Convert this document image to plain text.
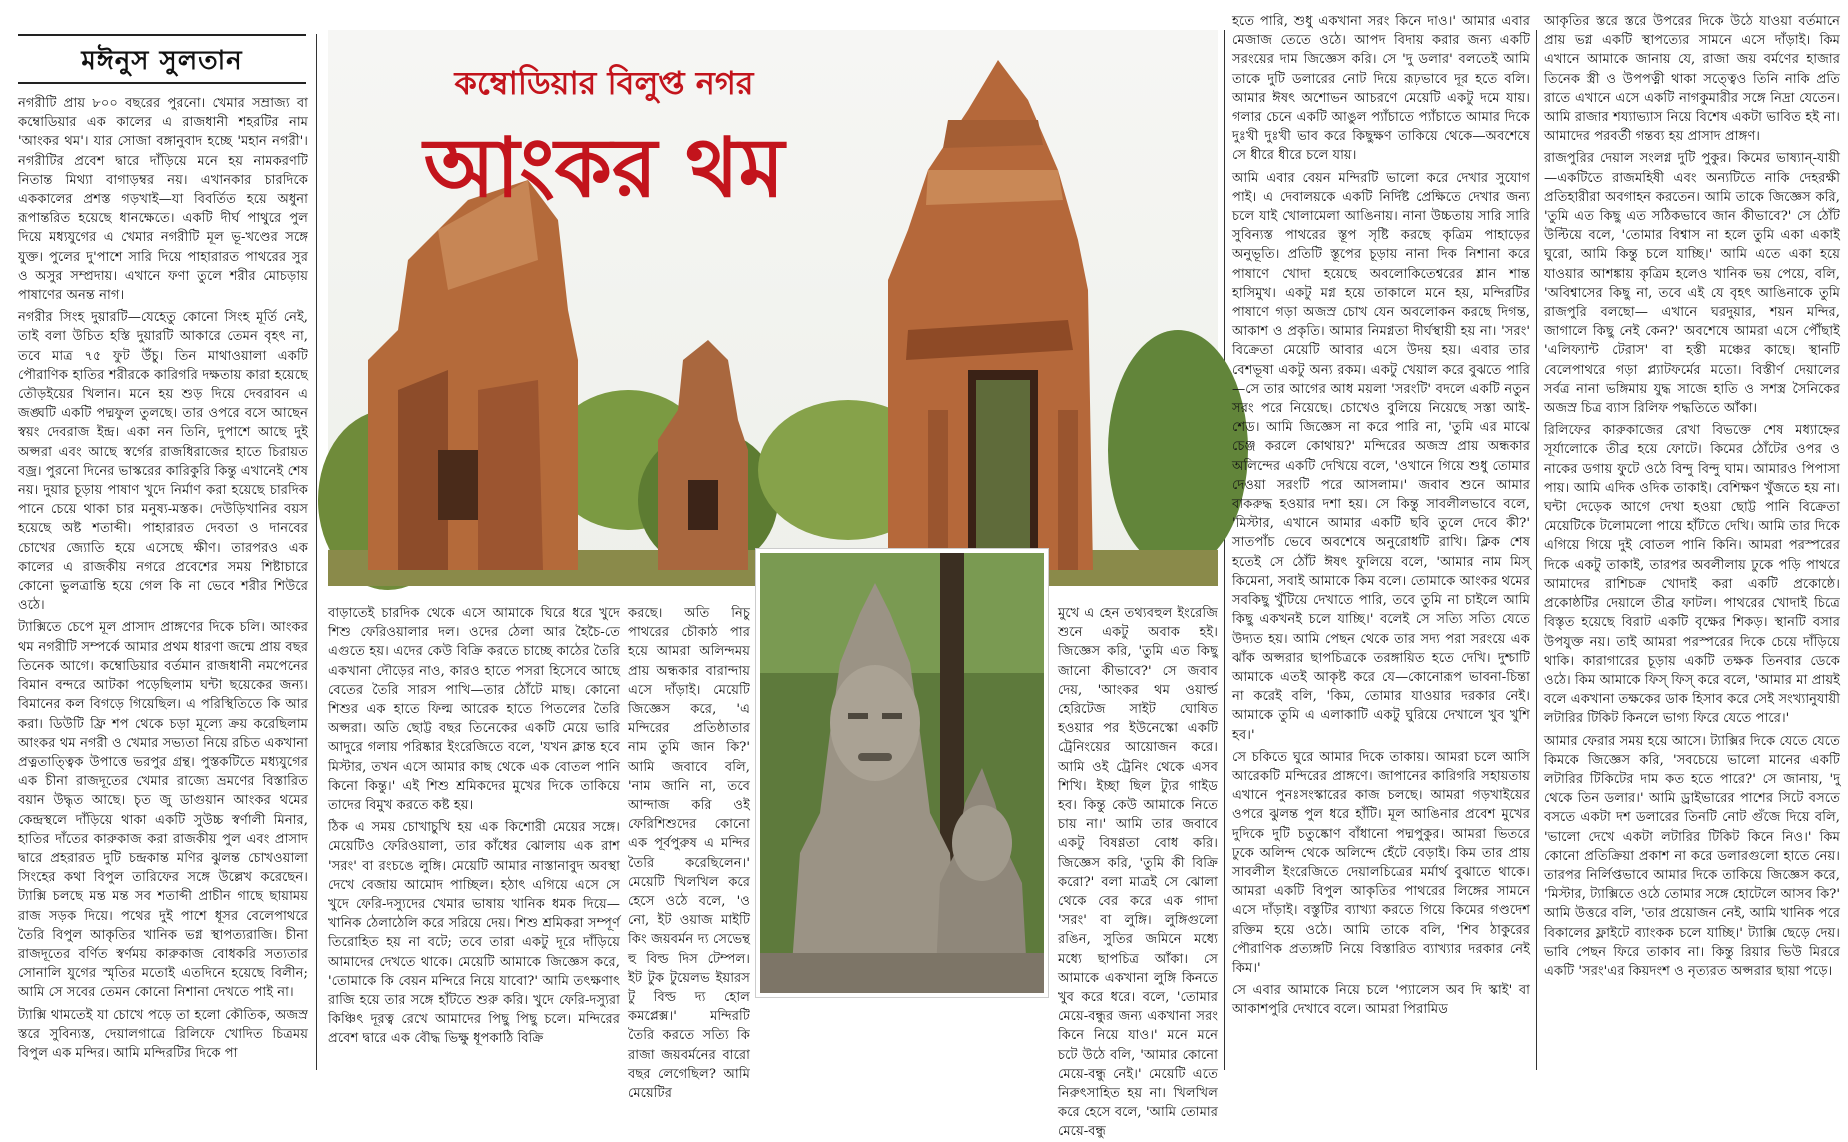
মঈনুস সুলতান

নগরীটি প্রায় ৮০০ বছরের পুরনো। খেমার সম্রাজ্য বা কম্বোডিয়ার এক কালের এ রাজধানী শহরটির নাম 'আংকর থম'। যার সোজা বঙ্গানুবাদ হচ্ছে 'মহান নগরী'। নগরীটির প্রবেশ দ্বারে দাঁড়িয়ে মনে হয় নামকরণটি নিতান্ত মিথ্যা বাগাড়ম্বর নয়। এখানকার চারদিকে এককালের প্রশস্ত গড়খাই—যা বিবর্তিত হয়ে অধুনা রূপান্তরিত হয়েছে ধানক্ষেতে। একটি দীর্ঘ পাথুরে পুল দিয়ে মধ্যযুগের এ খেমার নগরীটি মূল ভূ-খণ্ডের সঙ্গে যুক্ত। পুলের দু'পাশে সারি দিয়ে পাহারারত পাথরের সুর ও অসুর সম্প্রদায়। এখানে ফণা তুলে শরীর মোচড়ায় পাষাণের অনন্ত নাগ।

নগরীর সিংহ দুয়ারটি—যেহেতু কোনো সিংহ মূর্তি নেই, তাই বলা উচিত হস্তি দুয়ারটি আকারে তেমন বৃহৎ না, তবে মাত্র ৭৫ ফুট উঁচু। তিন মাথাওয়ালা একটি পৌরাণিক হাতির শরীরকে কারিগরি দক্ষতায় কারা হয়েছে তৌড়ইয়ের খিলান। মনে হয় শুড় দিয়ে দেবরাবন এ জঙ্ঘটি একটি পদ্মফুল তুলছে। তার ওপরে বসে আছেন স্বয়ং দেবরাজ ইন্দ্র। একা নন তিনি, দুপাশে আছে দুই অপ্সরা এবং আছে স্বর্গের রাজধিরাজের হাতে চিরায়ত বজ্র। পুরনো দিনের ভাস্করের কারিকুরি কিন্তু এখানেই শেষ নয়। দুয়ার চূড়ায় পাষাণ খুদে নির্মাণ করা হয়েছে চারদিক পানে চেয়ে থাকা চার মনুষ্য-মস্তক। দেউড়িখানির বয়স হয়েছে অষ্ট শতাব্দী। পাহারারত দেবতা ও দানবের চোখের জ্যোতি হয়ে এসেছে ক্ষীণ। তারপরও এক কালের এ রাজকীয় নগরে প্রবেশের সময় শিষ্টাচারে কোনো ভুলত্রান্তি হয়ে গেল কি না ভেবে শরীর শিউরে ওঠে।

ট্যাক্সিতে চেপে মূল প্রাসাদ প্রাঙ্গণের দিকে চলি। আংকর থম নগরীটি সম্পর্কে আমার প্রথম ধারণা জন্মে প্রায় বছর তিনেক আগে। কম্বোডিয়ার বর্তমান রাজধানী নমপেনের বিমান বন্দরে আটকা পড়েছিলাম ঘন্টা ছয়েকের জন্য। বিমানের কল বিগড়ে গিয়েছিল। এ পরিস্থিতিতে কি আর করা। ডিউটি ফ্রি শপ থেকে চড়া মূল্যে ক্রয় করেছিলাম আংকর থম নগরী ও খেমার সভ্যতা নিয়ে রচিত একখানা প্রত্নতাত্ত্বিক উপাত্তে ভরপুর গ্রন্থ। পুস্তকটিতে মধ্যযুগের এক চীনা রাজদূতের খেমার রাজ্যে ভ্রমণের বিস্তারিত বয়ান উদ্ধৃত আছে। চৃত জু ডাগুয়ান আংকর থমের কেন্দ্রস্থলে দাঁড়িয়ে থাকা একটি সুউচ্চ স্বর্ণালী মিনার, হাতির দাঁতের কারুকাজ করা রাজকীয় পুল এবং প্রাসাদ দ্বারে প্রহরারত দুটি চন্দ্রকান্ত মণির ঝুলন্ত চোখওয়ালা সিংহের কথা বিপুল তারিফের সঙ্গে উল্লেখ করেছেন। ট্যাক্সি চলছে মন্ত মন্ত সব শতাব্দী প্রাচীন গাছে ছায়াময় রাজ সড়ক দিয়ে। পথের দুই পাশে ধূসর বেলেপাথরে তৈরি বিপুল আকৃতির খানিক ভগ্ন স্থাপত্যরাজি। চীনা রাজদূতের বর্ণিত স্বর্ণময় কারুকাজ বোধকরি সত্যতার সোনালি যুগের স্মৃতির মতোই এতদিনে হয়েছে বিলীন; আমি সে সবের তেমন কোনো নিশানা দেখতে পাই না।

ট্যাক্সি থামতেই যা চোখে পড়ে তা হলো কৌতিক, অজস্র স্তরে সুবিন্যস্ত, দেয়ালগাত্রে রিলিফে খোদিত চিত্রময় বিপুল এক মন্দির। আমি মন্দিরটির দিকে পা

কম্বোডিয়ার বিলুপ্ত নগর
আংকর থম

বাড়াতেই চারদিক থেকে এসে আমাকে ঘিরে ধরে খুদে শিশু ফেরিওয়ালার দল। ওদের ঠেলা আর হৈচৈ-তে এগুতে হয়। এদের কেউ বিক্রি করতে চাচ্ছে কাঠের তৈরি একখানা দৌড়ের নাও, কারও হাতে পসরা হিসেবে আছে বেতের তৈরি সারস পাখি—তার ঠোঁটে মাছ। কোনো শিশুর এক হাতে ফিল্ম আরেক হাতে পিতলের তৈরি অপ্সরা। অতি ছোট্ট বছর তিনেকের একটি মেয়ে ভারি আদুরে গলায় পরিষ্কার ইংরেজিতে বলে, 'যখন ক্লান্ত হবে মিস্টার, তখন এসে আমার কাছ থেকে এক বোতল পানি কিনো কিন্তু।' এই শিশু শ্রমিকদের মুখের দিকে তাকিয়ে তাদের বিমুখ করতে কষ্ট হয়।

ঠিক এ সময় চোখাচুখি হয় এক কিশোরী মেয়ের সঙ্গে। মেয়েটিও ফেরিওয়ালা, তার কাঁধের ঝোলায় এক রাশ 'সরং' বা রংচঙে লুঙ্গি। মেয়েটি আমার নাস্তানাবুদ অবস্থা দেখে বেজায় আমোদ পাচ্ছিল। হঠাৎ এগিয়ে এসে সে খুদে ফেরি-দস্যুদের খেমার ভাষায় খানিক ধমক দিয়ে—খানিক ঠেলাঠেলি করে সরিয়ে দেয়। শিশু শ্রমিকরা সম্পূর্ণ তিরোহিত হয় না বটে; তবে তারা একটু দূরে দাঁড়িয়ে আমাদের দেখতে থাকে। মেয়েটি আমাকে জিজ্ঞেস করে, 'তোমাকে কি বেয়ন মন্দিরে নিয়ে যাবো?' আমি তৎক্ষণাৎ রাজি হয়ে তার সঙ্গে হাঁটতে শুরু করি। খুদে ফেরি-দস্যুরা কিঞ্চিৎ দূরত্ব রেখে আমাদের পিছু পিছু চলে। মন্দিরের প্রবেশ দ্বারে এক বৌদ্ধ ভিক্ষু ধূপকাঠি বিক্রি

করছে। অতি নিচু পাথরের চৌকাঠ পার হয়ে আমরা অলিন্দময় প্রায় অন্ধকার বারান্দায় এসে দাঁড়াই। মেয়েটি জিজ্ঞেস করে, 'এ মন্দিরের প্রতিষ্ঠাতার নাম তুমি জান কি?' আমি জবাবে বলি, 'নাম জানি না, তবে আন্দাজ করি ওই ফেরিশিশুদের কোনো এক পূর্বপুরুষ এ মন্দির তৈরি করেছিলেন।' মেয়েটি খিলখিল করে হেসে ওঠে বলে, 'ও নো, ইট ওয়াজ মাইটি কিং জয়বর্মন দ্য সেভেন্থ হু বিল্ড দিস টেম্পল। ইট টুক টুয়েলভ ইয়ারস টু বিল্ড দ্য হোল কমপ্লেক্স।' মন্দিরটি তৈরি করতে সত্যি কি রাজা জয়বর্মনের বারো বছর লেগেছিল? আমি মেয়েটির

মুখে এ হেন তথ্যবহুল ইংরেজি শুনে একটু অবাক হই। জিজ্ঞেস করি, 'তুমি এত কিছু জানো কীভাবে?' সে জবাব দেয়, 'আংকর থম ওয়ার্ল্ড হেরিটেজ সাইট ঘোষিত হওয়ার পর ইউনেস্কো একটি ট্রেনিংয়ের আয়োজন করে। আমি ওই ট্রেনিং থেকে এসব শিখি। ইচ্ছা ছিল ট্যুর গাইড হব। কিন্তু কেউ আমাকে নিতে চায় না।' আমি তার জবাবে একটু বিষণ্ণতা বোধ করি। জিজ্ঞেস করি, 'তুমি কী বিক্রি করো?' বলা মাত্রই সে ঝোলা থেকে বের করে এক গাদা 'সরং' বা লুঙ্গি। লুঙ্গিগুলো রঙিন, সুতির জমিনে মধ্যে মধ্যে ছাপচিত্র আঁকা। সে আমাকে একখানা লুঙ্গি কিনতে খুব করে ধরে। বলে, 'তোমার মেয়ে-বন্ধুর জন্য একখানা সরং কিনে নিয়ে যাও।' মনে মনে চটে উঠে বলি, 'আমার কোনো মেয়ে-বন্ধু নেই।' মেয়েটি এতে নিরুৎসাহিত হয় না। খিলখিল করে হেসে বলে, 'আমি তোমার মেয়ে-বন্ধু

হতে পারি, শুধু একখানা সরং কিনে দাও।' আমার এবার মেজাজ তেতে ওঠে। আপদ বিদায় করার জন্য একটি সরংয়ের দাম জিজ্ঞেস করি। সে 'দু ডলার' বলতেই আমি তাকে দুটি ডলারের নোট দিয়ে রূঢ়ভাবে দূর হতে বলি। আমার ঈষৎ অশোভন আচরণে মেয়েটি একটু দমে যায়। গলার চেনে একটি আঙুল প্যাঁচাতে প্যাঁচাতে আমার দিকে দুঃখী দুঃখী ভাব করে কিছুক্ষণ তাকিয়ে থেকে—অবশেষে সে ধীরে ধীরে চলে যায়।

আমি এবার বেয়ন মন্দিরটি ভালো করে দেখার সুযোগ পাই। এ দেবালয়কে একটি নির্দিষ্ট প্রেক্ষিতে দেখার জন্য চলে যাই খোলামেলা আঙিনায়। নানা উচ্চতায় সারি সারি সুবিন্যস্ত পাথরের স্তূপ সৃষ্টি করছে কৃত্রিম পাহাড়ের অনুভূতি। প্রতিটি স্তূপের চূড়ায় নানা দিক নিশানা করে পাষাণে খোদা হয়েছে অবলোকিতেশ্বরের শ্লান শান্ত হাসিমুখ। একটু মগ্ন হয়ে তাকালে মনে হয়, মন্দিরটির পাষাণে গড়া অজস্র চোখ যেন অবলোকন করছে দিগন্ত, আকাশ ও প্রকৃতি। আমার নিমগ্নতা দীর্ঘস্থায়ী হয় না। 'সরং' বিক্রেতা মেয়েটি আবার এসে উদয় হয়। এবার তার বেশভূষা একটু অন্য রকম। একটু খেয়াল করে বুঝতে পারি—সে তার আগের আধ ময়লা 'সরংটি' বদলে একটি নতুন সরং পরে নিয়েছে। চোখেও বুলিয়ে নিয়েছে সস্তা আই-শেড। আমি জিজ্ঞেস না করে পারি না, 'তুমি এর মাঝে চেঞ্জ করলে কোথায়?' মন্দিরের অজস্র প্রায় অন্ধকার অলিন্দের একটি দেখিয়ে বলে, 'ওখানে গিয়ে শুধু তোমার দেওয়া সরংটি পরে আসলাম।' জবাব শুনে আমার বাকরুদ্ধ হওয়ার দশা হয়। সে কিন্তু সাবলীলভাবে বলে, 'মিস্টার, এখানে আমার একটি ছবি তুলে দেবে কী?' সাতপাঁচ ভেবে অবশেষে অনুরোধটি রাখি। ক্লিক শেষ হতেই সে ঠোঁট ঈষৎ ফুলিয়ে বলে, 'আমার নাম মিস্ কিমেনা, সবাই আমাকে কিম বলে। তোমাকে আংকর থমের সবকিছু খুঁটিয়ে দেখাতে পারি, তবে তুমি না চাইলে আমি কিছু একখনই চলে যাচ্ছি।' বলেই সে সত্যি সত্যি যেতে উদ্যত হয়। আমি পেছন থেকে তার সদ্য পরা সরংয়ে এক ঝাঁক অপ্সরার ছাপচিত্রকে তরঙ্গায়িত হতে দেখি। দুশ্চাটি আমাকে এতই আকৃষ্ট করে যে—কোনোরূপ ভাবনা-চিন্তা না করেই বলি, 'কিম, তোমার যাওয়ার দরকার নেই। আমাকে তুমি এ এলাকাটি একটু ঘুরিয়ে দেখালে খুব খুশি হব।'

সে চকিতে ঘুরে আমার দিকে তাকায়। আমরা চলে আসি আরেকটি মন্দিরের প্রাঙ্গণে। জাপানের কারিগরি সহায়তায় এখানে পুনঃসংস্কারের কাজ চলছে। আমরা গড়খাইয়ের ওপরে ঝুলন্ত পুল ধরে হাঁটি। মূল আঙিনার প্রবেশ মুখের দুদিকে দুটি চতুষ্কোণ বাঁধানো পদ্মপুকুর। আমরা ভিতরে ঢুকে অলিন্দ থেকে অলিন্দে হেঁটে বেড়াই। কিম তার প্রায় সাবলীল ইংরেজিতে দেয়ালচিত্রের মর্মার্থ বুঝাতে থাকে। আমরা একটি বিপুল আকৃতির পাথরের লিঙ্গের সামনে এসে দাঁড়াই। বস্তুটির ব্যাখ্যা করতে গিয়ে কিমের গণ্ডদেশ রক্তিম হয়ে ওঠে। আমি তাকে বলি, 'শিব ঠাকুরের পৌরাণিক প্রত্যঙ্গটি নিয়ে বিস্তারিত ব্যাখ্যার দরকার নেই কিম।'

সে এবার আমাকে নিয়ে চলে 'প্যালেস অব দি স্কাই' বা আকাশপুরি দেখাবে বলে। আমরা পিরামিড

আকৃতির স্তরে স্তরে উপরের দিকে উঠে যাওয়া বর্তমানে প্রায় ভগ্ন একটি স্থাপত্যের সামনে এসে দাঁড়াই। কিম এখানে আমাকে জানায় যে, রাজা জয় বর্মণের হাজার তিনেক স্ত্রী ও উপপত্নী থাকা সত্ত্বেও তিনি নাকি প্রতি রাতে এখানে এসে একটি নাগকুমারীর সঙ্গে নিদ্রা যেতেন। আমি রাজার শয্যাভ্যাস নিয়ে বিশেষ একটা ভাবিত হই না। আমাদের পরবর্তী গন্তব্য হয় প্রাসাদ প্রাঙ্গণ।

রাজপুরির দেয়াল সংলগ্ন দুটি পুকুর। কিমের ভাষ্যান্-যায়ী—একটিতে রাজমহিষী এবং অন্যটিতে নাকি দেহরক্ষী প্রতিহারীরা অবগাহন করতেন। আমি তাকে জিজ্ঞেস করি, 'তুমি এত কিছু এত সঠিকভাবে জান কীভাবে?' সে ঠোঁট উল্টিয়ে বলে, 'তোমার বিশ্বাস না হলে তুমি একা একাই ঘুরো, আমি কিন্তু চলে যাচ্ছি।' আমি এতে একা হয়ে যাওয়ার আশঙ্কায় কৃত্রিম হলেও খানিক ভয় পেয়ে, বলি, 'অবিশ্বাসের কিছু না, তবে এই যে বৃহৎ আঙিনাকে তুমি রাজপুরি বলছো— এখানে ঘরদুয়ার, শয়ন মন্দির, জাগালে কিছু নেই কেন?' অবশেষে আমরা এসে পৌঁছাই 'এলিফ্যান্ট টেরাস' বা হস্তী মঞ্চের কাছে। স্থানটি বেলেপাথরে গড়া প্ল্যাটফর্মের মতো। বিস্তীর্ণ দেয়ালের সর্বত্র নানা ভঙ্গিমায় যুদ্ধ সাজে হাতি ও সশস্ত্র সৈনিকের অজস্র চিত্র ব্যাস রিলিফ পদ্ধতিতে আঁকা।

রিলিফের কারুকাজের রেখা বিভক্তে শেষ মধ্যাহ্নের সূর্যালোকে তীব্র হয়ে ফোটে। কিমের ঠোঁটের ওপর ও নাকের ডগায় ফুটে ওঠে বিন্দু বিন্দু ঘাম। আমারও পিপাসা পায়। আমি এদিক ওদিক তাকাই। বেশিক্ষণ খুঁজতে হয় না। ঘন্টা দেড়েক আগে দেখা হওয়া ছোট্ট পানি বিক্রেতা মেয়েটিকে টলোমলো পায়ে হাঁটতে দেখি। আমি তার দিকে এগিয়ে গিয়ে দুই বোতল পানি কিনি। আমরা পরস্পরের দিকে একটু তাকাই, তারপর অবলীলায় ঢুকে পড়ি পাথরে আমাদের রাশিচক্র খোদাই করা একটি প্রকোষ্ঠে। প্রকোষ্ঠটির দেয়ালে তীব্র ফাটল। পাথরের খোদাই চিত্রে বিস্তৃত হয়েছে বিরাট একটি বৃক্ষের শিকড়। স্থানটি বসার উপযুক্ত নয়। তাই আমরা পরস্পরের দিকে চেয়ে দাঁড়িয়ে থাকি। কারাগারের চূড়ায় একটি তক্ষক তিনবার ডেকে ওঠে। কিম আমাকে ফিস্ ফিস্ করে বলে, 'আমার মা প্রায়ই বলে একখানা তক্ষকের ডাক হিসাব করে সেই সংখ্যানুযায়ী লটারির টিকিট কিনলে ভাগ্য ফিরে যেতে পারে।'

আমার ফেরার সময় হয়ে আসে। ট্যাক্সির দিকে যেতে যেতে কিমকে জিজ্ঞেস করি, 'সবচেয়ে ভালো মানের একটি লটারির টিকিটের দাম কত হতে পারে?' সে জানায়, 'দু থেকে তিন ডলার।' আমি ড্রাইভারের পাশের সিটে বসতে বসতে একটা দশ ডলারের তিনটি নোট গুঁজে দিয়ে বলি, 'ভালো দেখে একটা লটারির টিকিট কিনে নিও।' কিম কোনো প্রতিক্রিয়া প্রকাশ না করে ডলারগুলো হাতে নেয়। তারপর নির্লিপ্তভাবে আমার দিকে তাকিয়ে জিজ্ঞেস করে, 'মিস্টার, ট্যাক্সিতে ওঠে তোমার সঙ্গে হোটেলে আসব কি?' আমি উত্তরে বলি, 'তার প্রয়োজন নেই, আমি খানিক পরে বিকালের ফ্লাইটে ব্যাংকক চলে যাচ্ছি।' ট্যাক্সি ছেড়ে দেয়। ভাবি পেছন ফিরে তাকাব না। কিন্তু রিয়ার ভিউ মিররে একটি 'সরং'এর কিয়দংশ ও নৃত্যরত অপ্সরার ছায়া পড়ে।
